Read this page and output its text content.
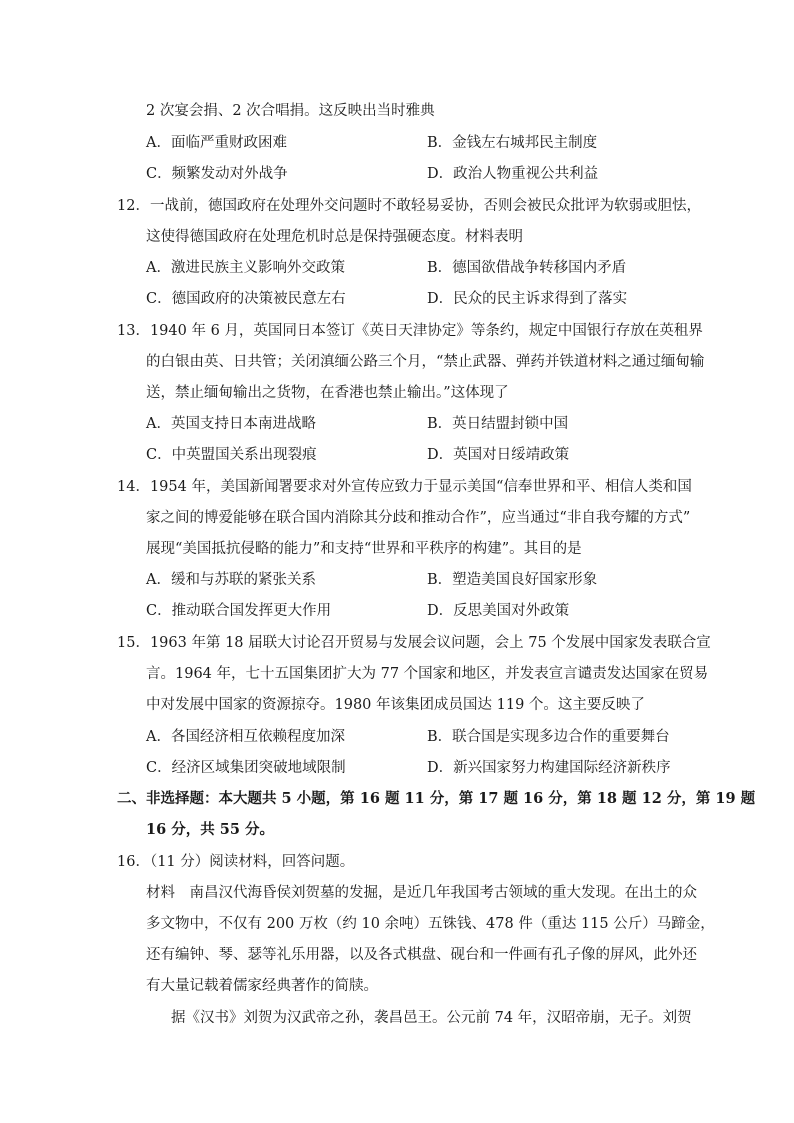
2 次宴会捐、2 次合唱捐。这反映出当时雅典
A．面临严重财政困难	B．金钱左右城邦民主制度
C．频繁发动对外战争	D．政治人物重视公共利益
12．一战前，德国政府在处理外交问题时不敢轻易妥协，否则会被民众批评为软弱或胆怯，
这使得德国政府在处理危机时总是保持强硬态度。材料表明
A．激进民族主义影响外交政策	B．德国欲借战争转移国内矛盾
C．德国政府的决策被民意左右	D．民众的民主诉求得到了落实
13．1940 年 6 月，英国同日本签订《英日天津协定》等条约，规定中国银行存放在英租界
的白银由英、日共管；关闭滇缅公路三个月，“禁止武器、弹药并铁道材料之通过缅甸输
送，禁止缅甸输出之货物，在香港也禁止输出。”这体现了
A．英国支持日本南进战略	B．英日结盟封锁中国
C．中英盟国关系出现裂痕	D．英国对日绥靖政策
14．1954 年，美国新闻署要求对外宣传应致力于显示美国“信奉世界和平、相信人类和国
家之间的博爱能够在联合国内消除其分歧和推动合作”，应当通过“非自我夸耀的方式”
展现“美国抵抗侵略的能力”和支持“世界和平秩序的构建”。其目的是
A．缓和与苏联的紧张关系	B．塑造美国良好国家形象
C．推动联合国发挥更大作用	D．反思美国对外政策
15．1963 年第 18 届联大讨论召开贸易与发展会议问题，会上 75 个发展中国家发表联合宣
言。1964 年，七十五国集团扩大为 77 个国家和地区，并发表宣言谴责发达国家在贸易
中对发展中国家的资源掠夺。1980 年该集团成员国达 119 个。这主要反映了
A．各国经济相互依赖程度加深	B．联合国是实现多边合作的重要舞台
C．经济区域集团突破地域限制	D．新兴国家努力构建国际经济新秩序
二、非选择题：本大题共 5 小题，第 16 题 11 分，第 17 题 16 分，第 18 题 12 分，第 19 题
16 分，共 55 分。
16．（11 分）阅读材料，回答问题。
材料　南昌汉代海昏侯刘贺墓的发掘，是近几年我国考古领域的重大发现。在出土的众
多文物中，不仅有 200 万枚（约 10 余吨）五铢钱、478 件（重达 115 公斤）马蹄金，
还有编钟、琴、瑟等礼乐用器，以及各式棋盘、砚台和一件画有孔子像的屏风，此外还
有大量记载着儒家经典著作的简牍。
据《汉书》刘贺为汉武帝之孙，袭昌邑王。公元前 74 年，汉昭帝崩，无子。刘贺
